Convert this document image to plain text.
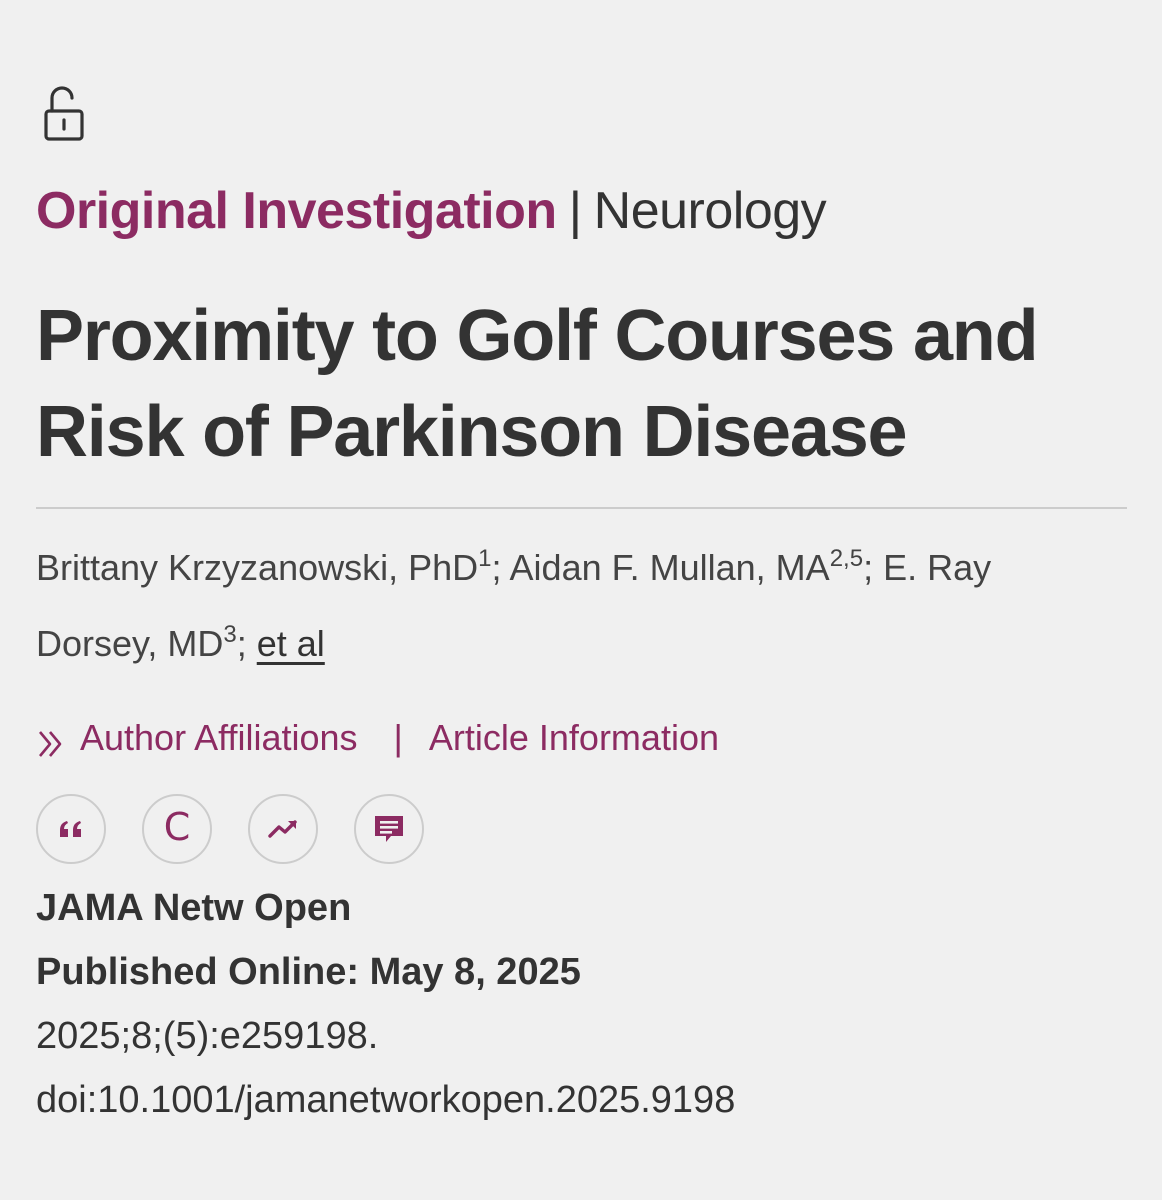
Original Investigation | Neurology
Proximity to Golf Courses and Risk of Parkinson Disease
Brittany Krzyzanowski, PhD$^1$; Aidan F. Mullan, MA$^{2,5}$; E. Ray Dorsey, $MD^3$; et al
Author Affiliations | Article Information
C
JAMA Netw Open
Published Online: May 8, 2025
2025;8;(5):e259198.
doi:10.1001/jamanetworkopen.2025.9198
